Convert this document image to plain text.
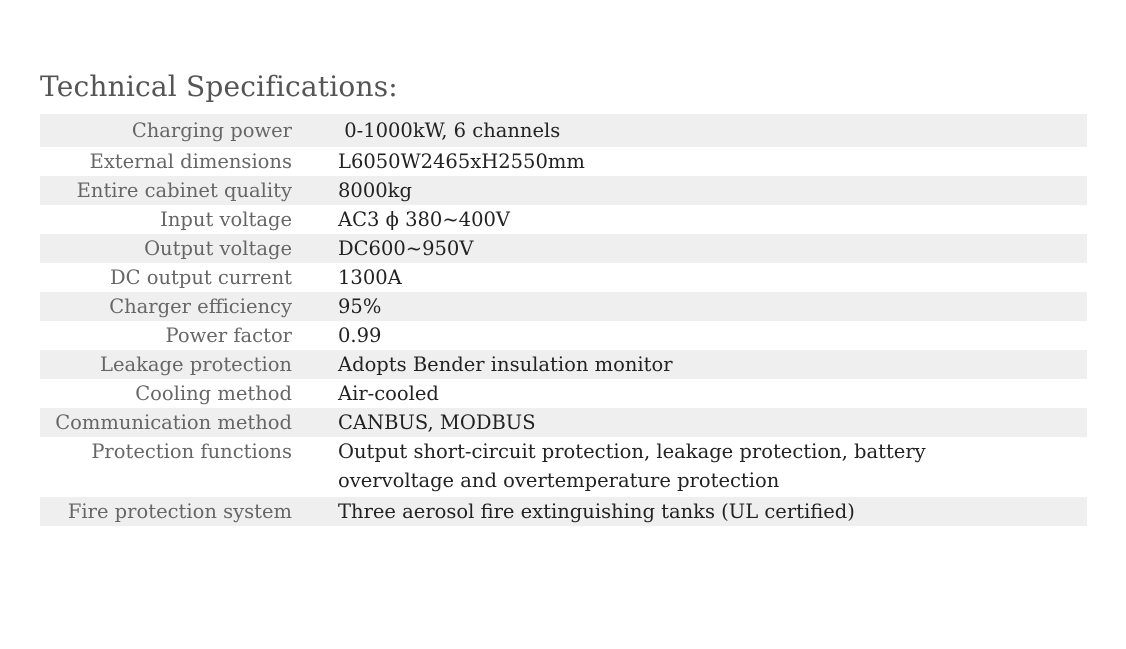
Technical Specifications:
Charging power 0-1000kW, 6 channels
External dimensions L6050W2465xH2550mm
Entire cabinet quality 8000kg
Input voltage AC3 ϕ 380~400V
Output voltage DC600~950V
DC output current 1300A
Charger efficiency 95%
Power factor 0.99
Leakage protection Adopts Bender insulation monitor
Cooling method Air-cooled
Communication method CANBUS, MODBUS
Protection functions Output short-circuit protection, leakage protection, battery overvoltage and overtemperature protection
Fire protection system Three aerosol fire extinguishing tanks (UL certified)
